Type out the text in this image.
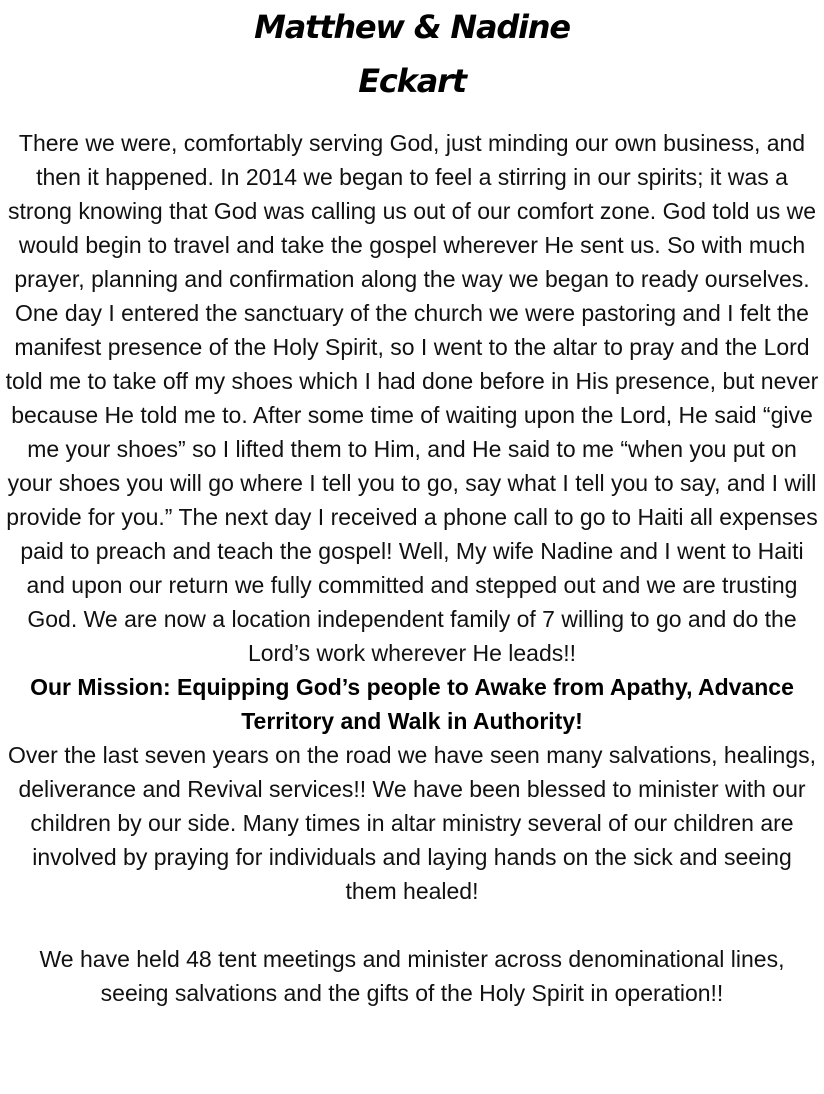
Matthew & Nadine
Eckart

There we were, comfortably serving God, just minding our own business, and then it happened. In 2014 we began to feel a stirring in our spirits; it was a strong knowing that God was calling us out of our comfort zone. God told us we would begin to travel and take the gospel wherever He sent us. So with much prayer, planning and confirmation along the way we began to ready ourselves. One day I entered the sanctuary of the church we were pastoring and I felt the manifest presence of the Holy Spirit, so I went to the altar to pray and the Lord told me to take off my shoes which I had done before in His presence, but never because He told me to. After some time of waiting upon the Lord, He said “give me your shoes” so I lifted them to Him, and He said to me “when you put on your shoes you will go where I tell you to go, say what I tell you to say, and I will provide for you.” The next day I received a phone call to go to Haiti all expenses paid to preach and teach the gospel! Well, My wife Nadine and I went to Haiti and upon our return we fully committed and stepped out and we are trusting God. We are now a location independent family of 7 willing to go and do the Lord’s work wherever He leads!!

Our Mission: Equipping God’s people to Awake from Apathy, Advance Territory and Walk in Authority!

Over the last seven years on the road we have seen many salvations, healings, deliverance and Revival services!! We have been blessed to minister with our children by our side. Many times in altar ministry several of our children are involved by praying for individuals and laying hands on the sick and seeing them healed!

We have held 48 tent meetings and minister across denominational lines, seeing salvations and the gifts of the Holy Spirit in operation!!
